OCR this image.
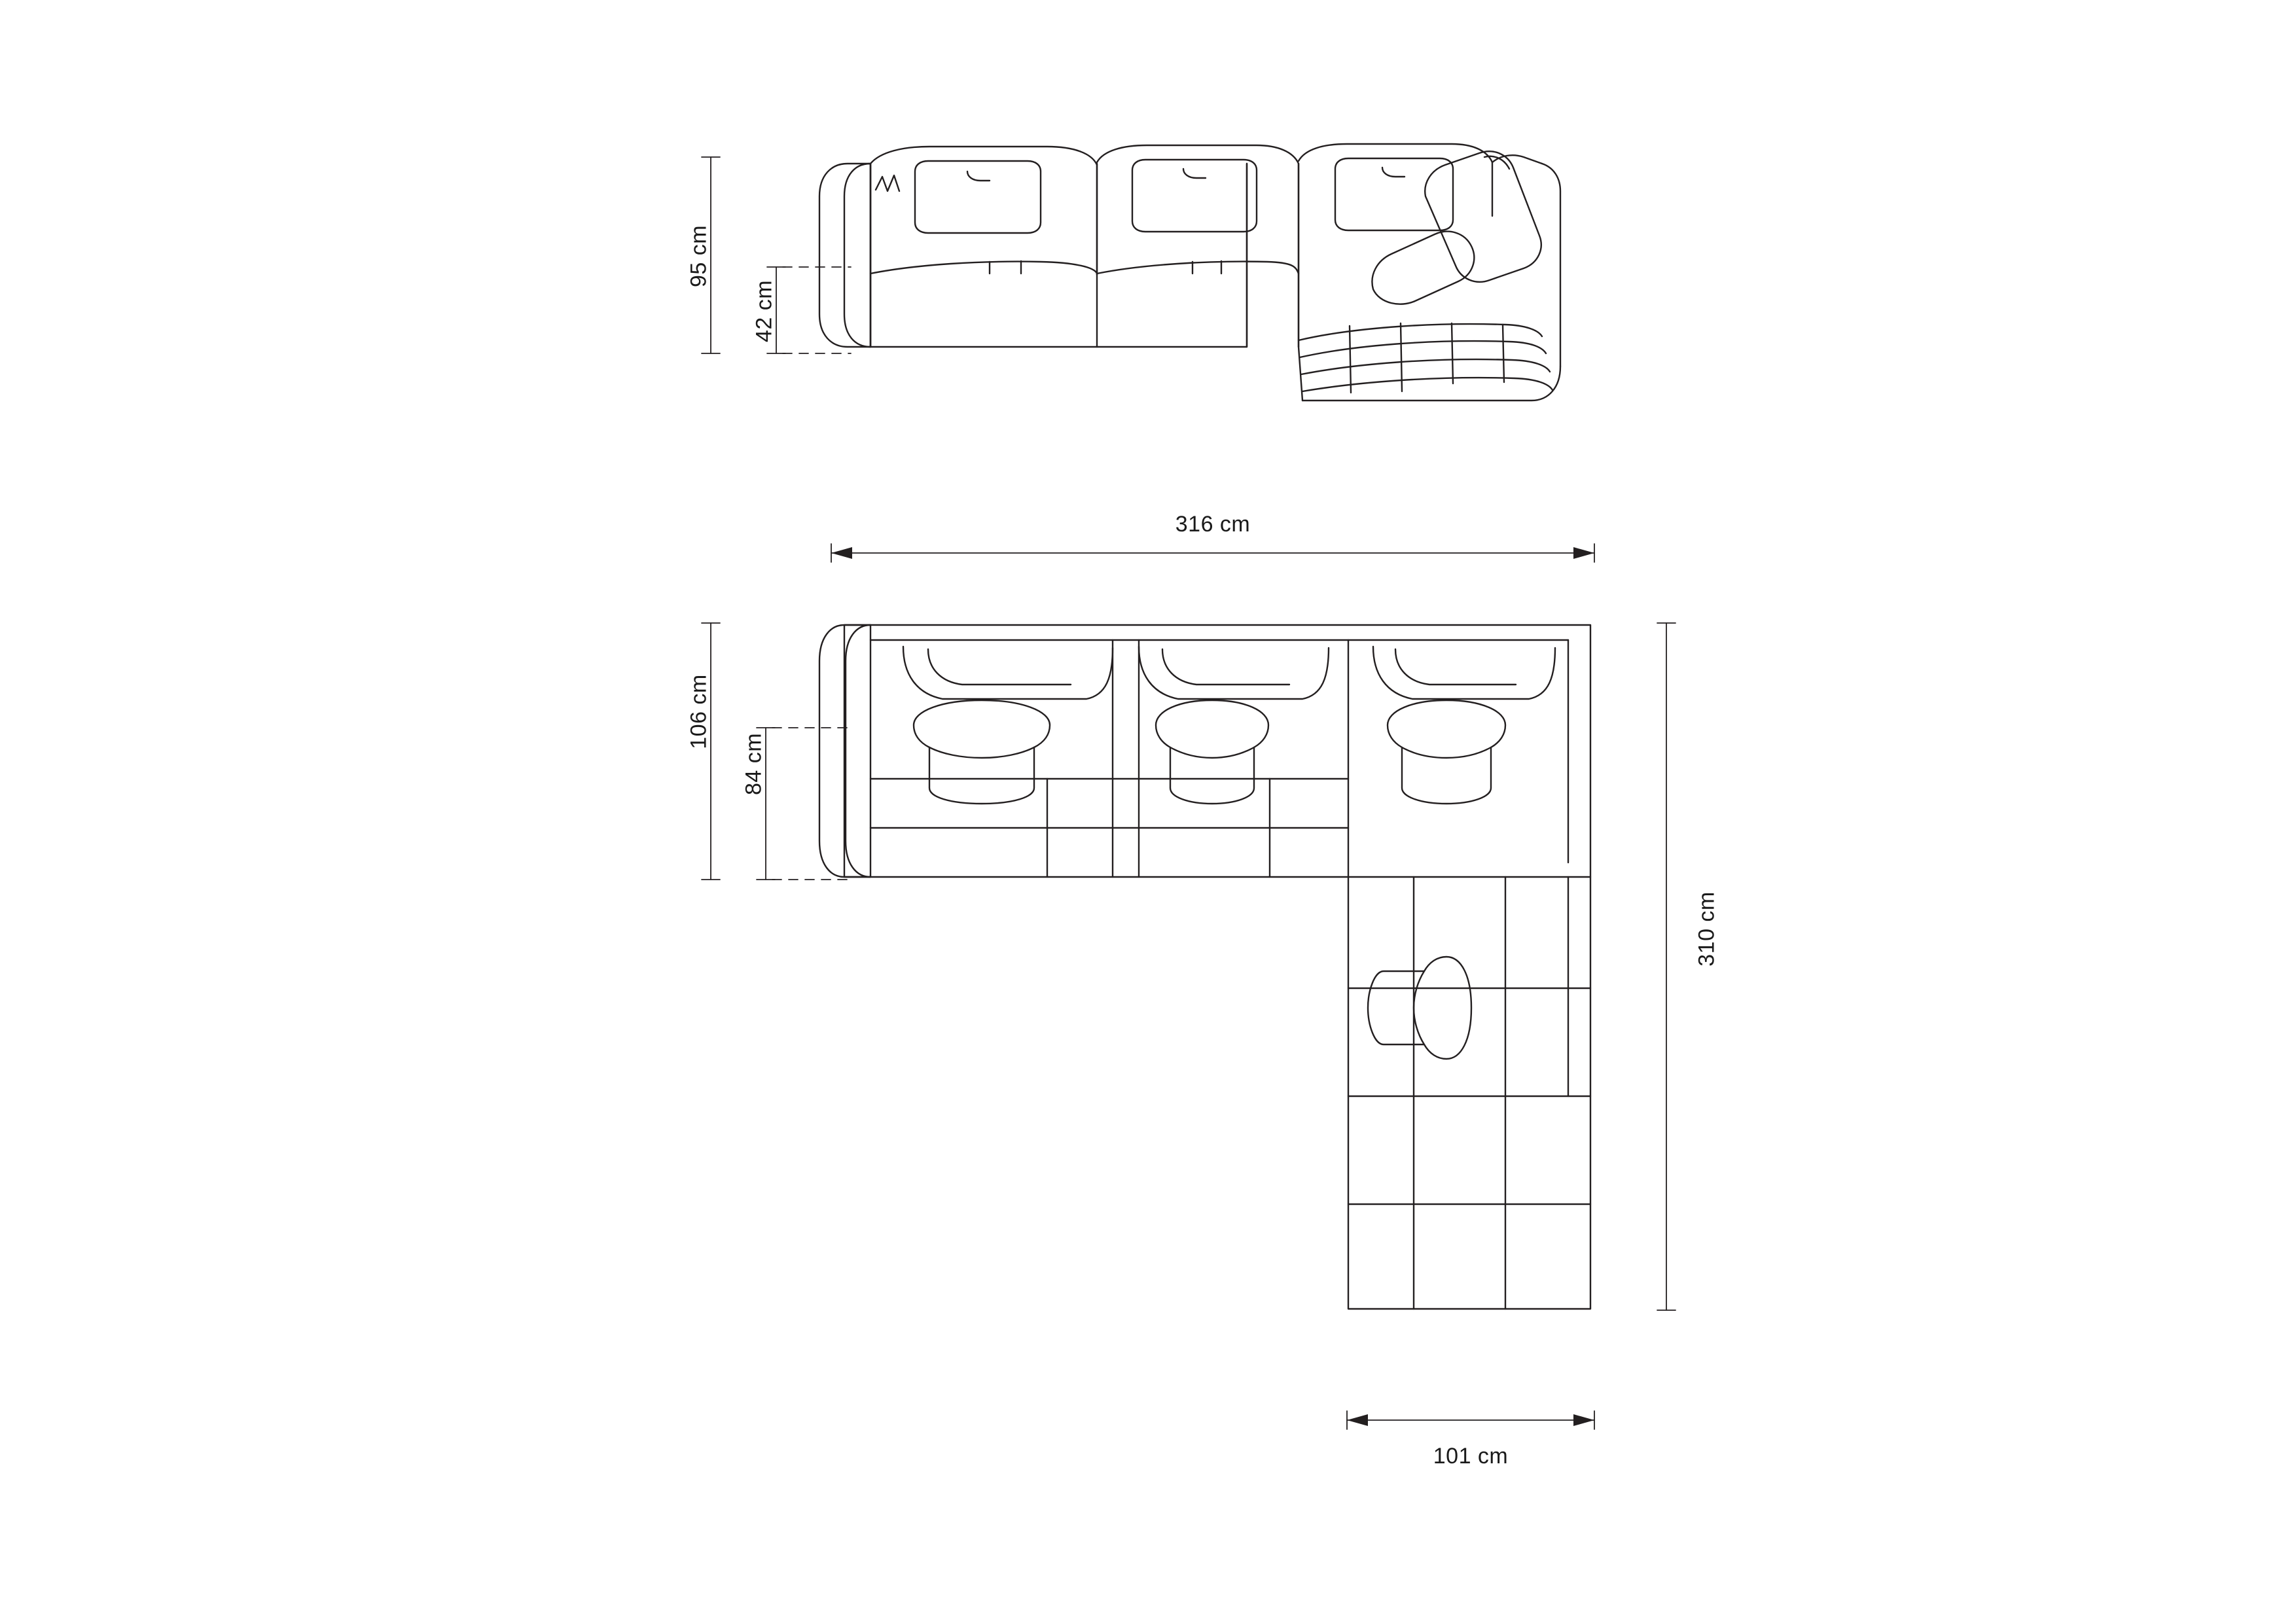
95 cm
42 cm
316 cm
106 cm
84 cm
310 cm
101 cm
